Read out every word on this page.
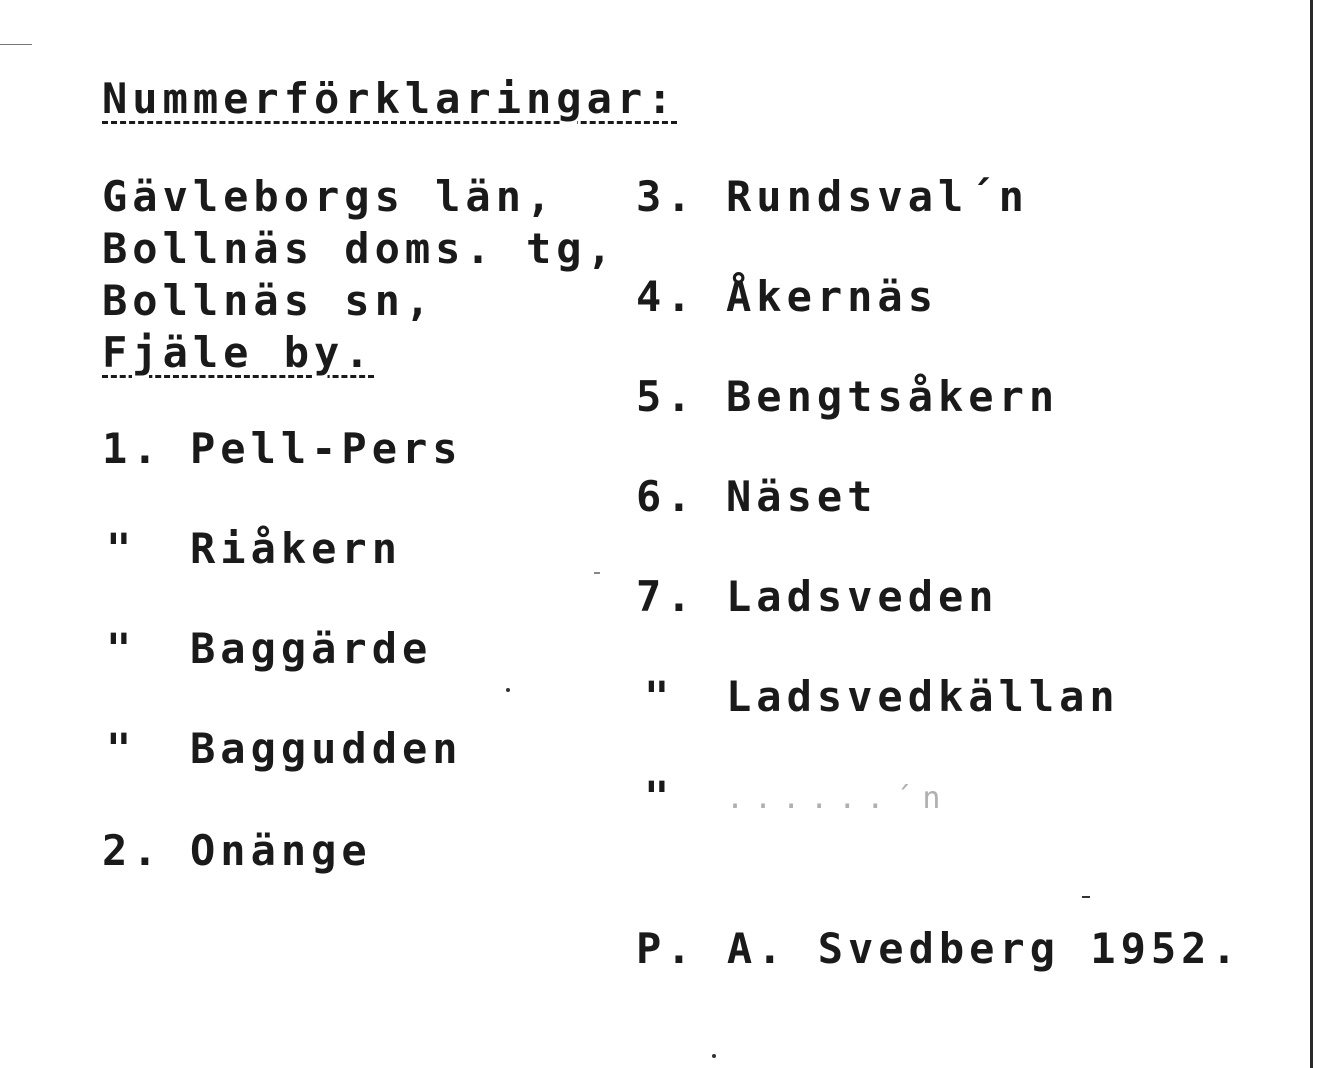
Nummerförklaringar:
Gävleborgs län,
Bollnäs doms. tg,
Bollnäs sn,
Fjäle by.
1. Pell-Pers
" Riåkern
" Baggärde
" Baggudden
2. Onänge
3. Rundsval´n
4. Åkernäs
5. Bengtsåkern
6. Näset
7. Ladsveden
" Ladsvedkällan
" ......´n
P. A. Svedberg 1952.
